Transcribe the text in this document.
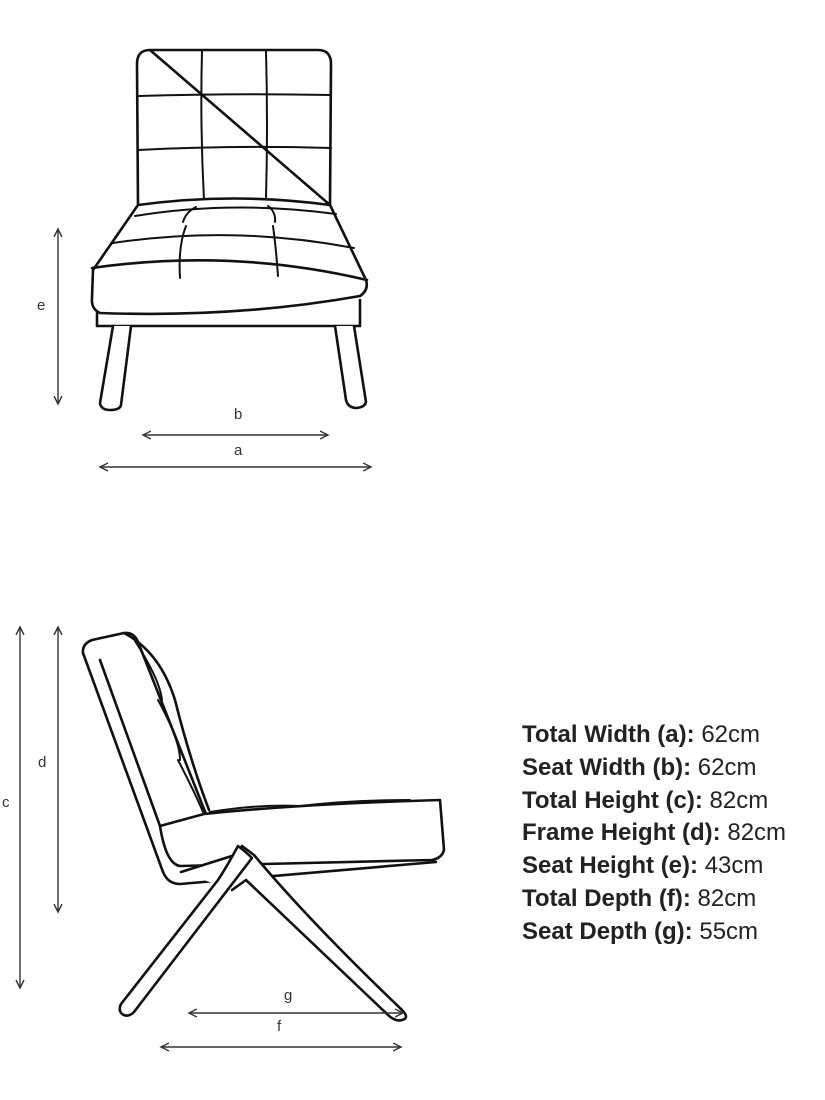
e
b
a
c
d
g
f
Total Width (a): 62cm
Seat Width (b): 62cm
Total Height (c): 82cm
Frame Height (d): 82cm
Seat Height (e): 43cm
Total Depth (f): 82cm
Seat Depth (g): 55cm
